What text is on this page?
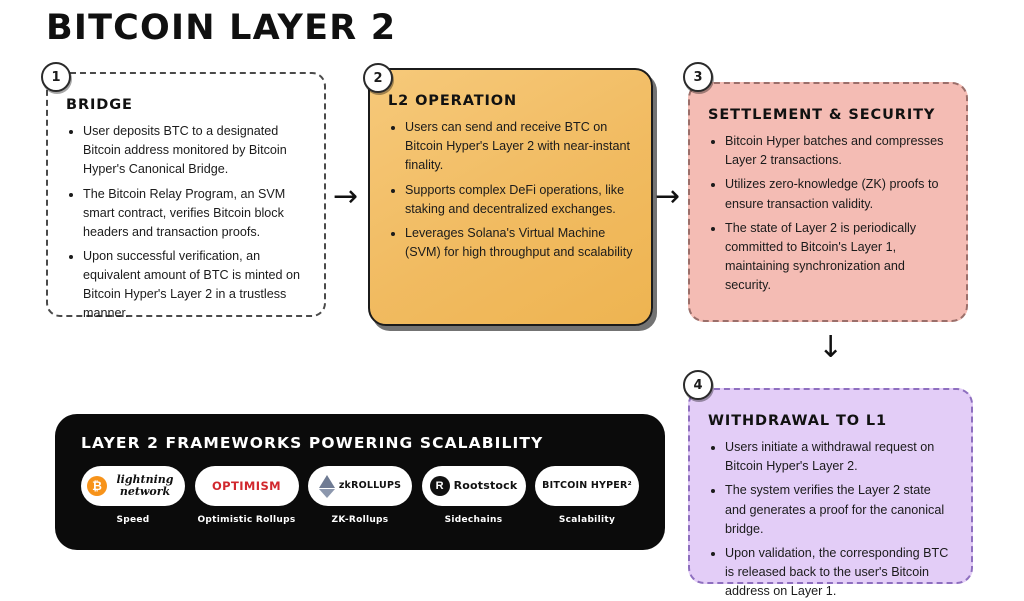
BITCOIN LAYER 2
1
BRIDGE
• User deposits BTC to a designated Bitcoin address monitored by Bitcoin Hyper's Canonical Bridge.
• The Bitcoin Relay Program, an SVM smart contract, verifies Bitcoin block headers and transaction proofs.
• Upon successful verification, an equivalent amount of BTC is minted on Bitcoin Hyper's Layer 2 in a trustless manner.
→
2
L2 OPERATION
• Users can send and receive BTC on Bitcoin Hyper's Layer 2 with near-instant finality.
• Supports complex DeFi operations, like staking and decentralized exchanges.
• Leverages Solana's Virtual Machine (SVM) for high throughput and scalability
→
3
SETTLEMENT & SECURITY
• Bitcoin Hyper batches and compresses Layer 2 transactions.
• Utilizes zero-knowledge (ZK) proofs to ensure transaction validity.
• The state of Layer 2 is periodically committed to Bitcoin's Layer 1, maintaining synchronization and security.
↓
4
WITHDRAWAL TO L1
• Users initiate a withdrawal request on Bitcoin Hyper's Layer 2.
• The system verifies the Layer 2 state and generates a proof for the canonical bridge.
• Upon validation, the corresponding BTC is released back to the user's Bitcoin address on Layer 1.
LAYER 2 FRAMEWORKS POWERING SCALABILITY
₿	lightning network
Speed
OPTIMISM
Optimistic Rollups
zkROLLUPS
ZK-Rollups
R Rootstock
Sidechains
BITCOIN HYPER²
Scalability
